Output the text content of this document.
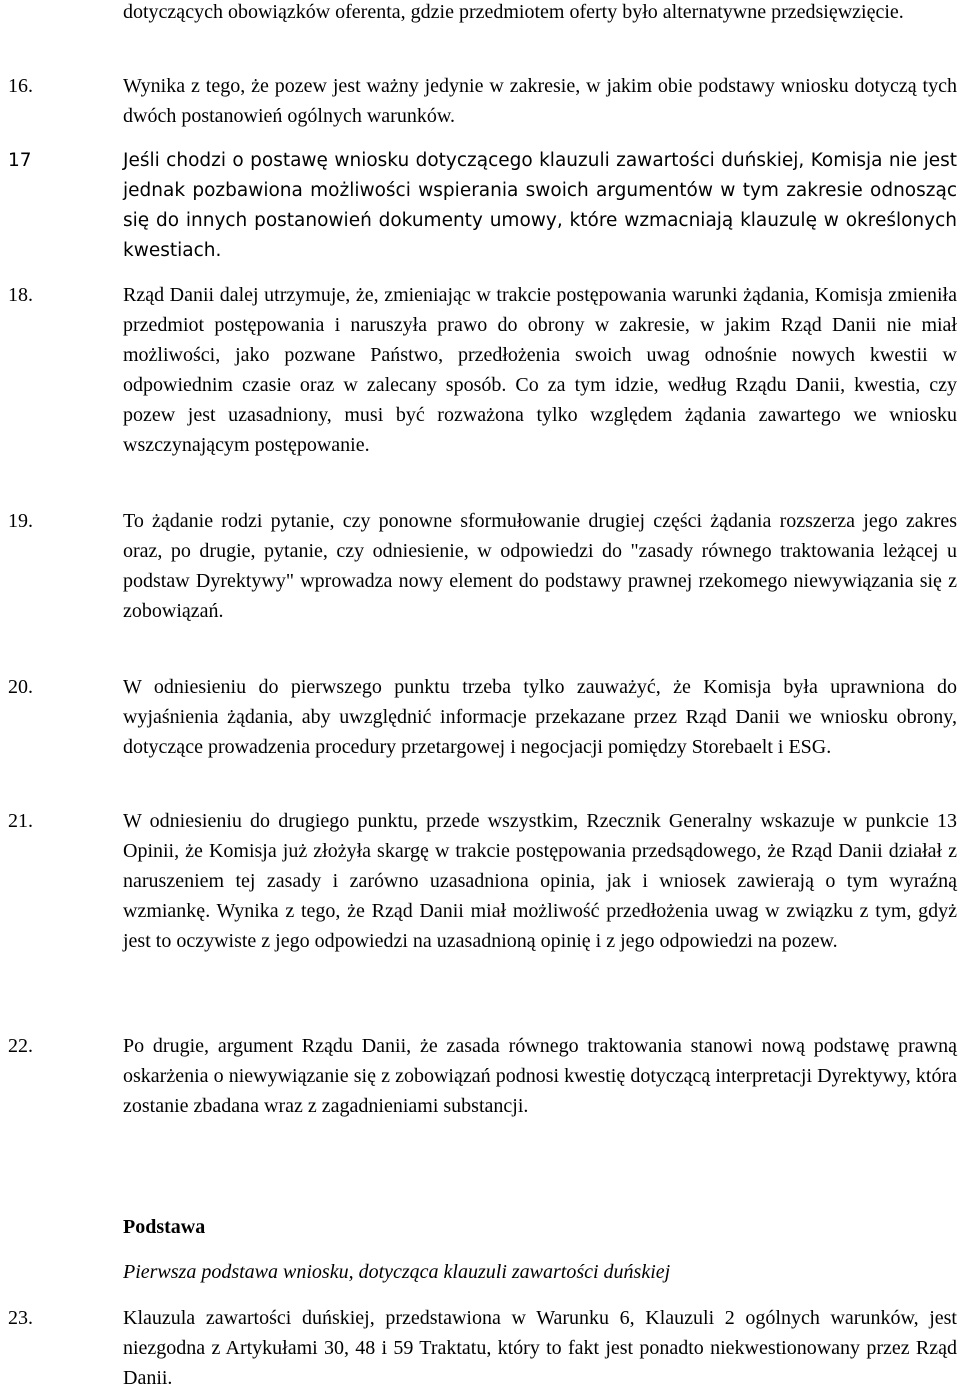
dotyczących obowiązków oferenta, gdzie przedmiotem oferty było alternatywne przedsięwzięcie.
16.	Wynika z tego, że pozew jest ważny jedynie w zakresie, w jakim obie podstawy wniosku dotyczą tych dwóch postanowień ogólnych warunków.
17	Jeśli chodzi o postawę wniosku dotyczącego klauzuli zawartości duńskiej, Komisja nie jest jednak pozbawiona możliwości wspierania swoich argumentów w tym zakresie odnosząc się do innych postanowień dokumenty umowy, które wzmacniają klauzulę w określonych kwestiach.
18.	Rząd Danii dalej utrzymuje, że, zmieniając w trakcie postępowania warunki żądania, Komisja zmieniła przedmiot postępowania i naruszyła prawo do obrony w zakresie, w jakim Rząd Danii nie miał możliwości, jako pozwane Państwo, przedłożenia swoich uwag odnośnie nowych kwestii w odpowiednim czasie oraz w zalecany sposób. Co za tym idzie, według Rządu Danii, kwestia, czy pozew jest uzasadniony, musi być rozważona tylko względem żądania zawartego we wniosku wszczynającym postępowanie.
19.	To żądanie rodzi pytanie, czy ponowne sformułowanie drugiej części żądania rozszerza jego zakres oraz, po drugie, pytanie, czy odniesienie, w odpowiedzi do "zasady równego traktowania leżącej u podstaw Dyrektywy" wprowadza nowy element do podstawy prawnej rzekomego niewywiązania się z zobowiązań.
20.	W odniesieniu do pierwszego punktu trzeba tylko zauważyć, że Komisja była uprawniona do wyjaśnienia żądania, aby uwzględnić informacje przekazane przez Rząd Danii we wniosku obrony, dotyczące prowadzenia procedury przetargowej i negocjacji pomiędzy Storebaelt i ESG.
21.	W odniesieniu do drugiego punktu, przede wszystkim, Rzecznik Generalny wskazuje w punkcie 13 Opinii, że Komisja już złożyła skargę w trakcie postępowania przedsądowego, że Rząd Danii działał z naruszeniem tej zasady i zarówno uzasadniona opinia, jak i wniosek zawierają o tym wyraźną wzmiankę. Wynika z tego, że Rząd Danii miał możliwość przedłożenia uwag w związku z tym, gdyż jest to oczywiste z jego odpowiedzi na uzasadnioną opinię i z jego odpowiedzi na pozew.
22.	Po drugie, argument Rządu Danii, że zasada równego traktowania stanowi nową podstawę prawną oskarżenia o niewywiązanie się z zobowiązań podnosi kwestię dotyczącą interpretacji Dyrektywy, która zostanie zbadana wraz z zagadnieniami substancji.
Podstawa
Pierwsza podstawa wniosku, dotycząca klauzuli zawartości duńskiej
23.	Klauzula zawartości duńskiej, przedstawiona w Warunku 6, Klauzuli 2 ogólnych warunków, jest niezgodna z Artykułami 30, 48 i 59 Traktatu, który to fakt jest ponadto niekwestionowany przez Rząd Danii.
